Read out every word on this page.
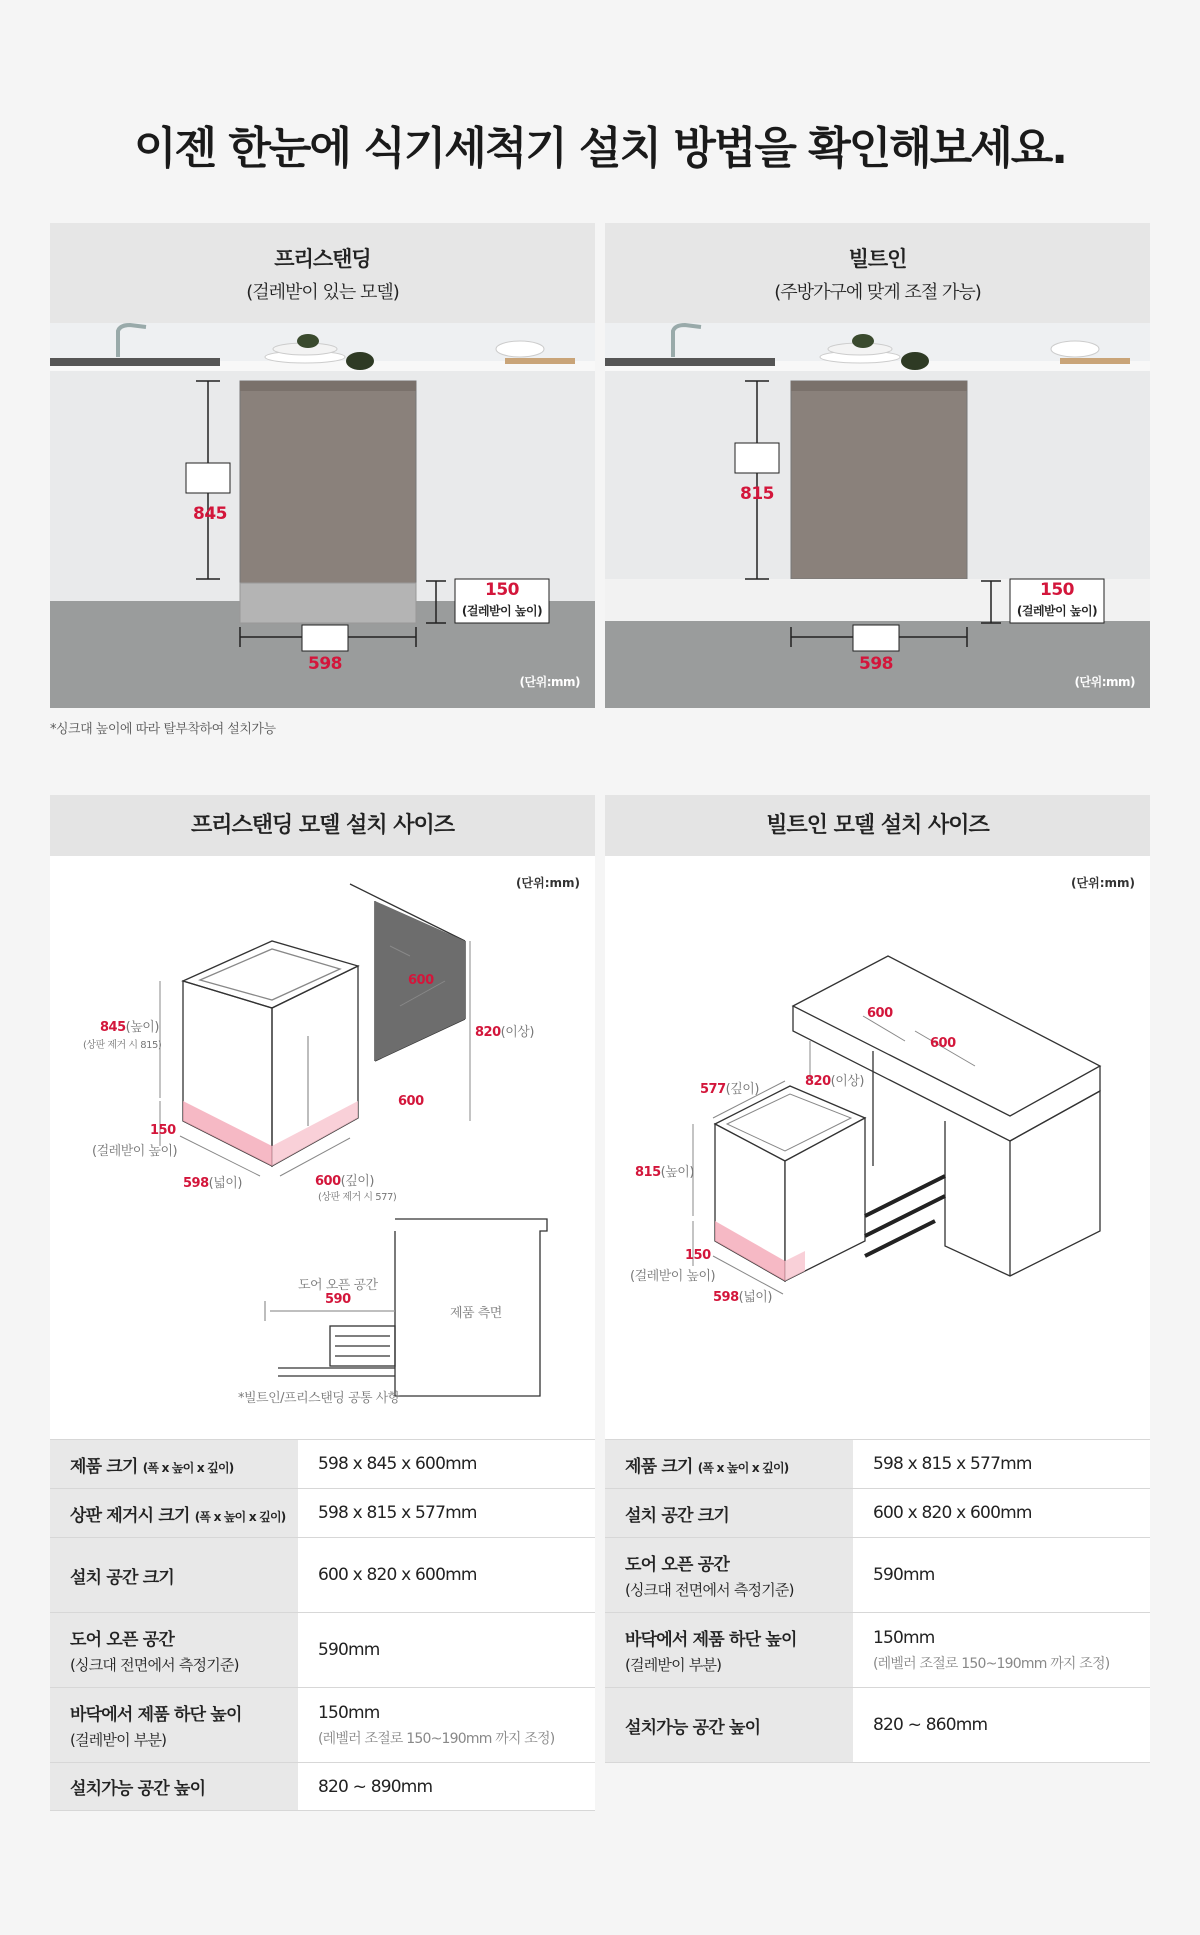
이젠 한눈에 식기세척기 설치 방법을 확인해보세요.
프리스탠딩
(걸레받이 있는 모델)
845
598
150
(걸레받이 높이)
(단위:mm)
빌트인
(주방가구에 맞게 조절 가능)
815
598
150
(걸레받이 높이)
(단위:mm)
*싱크대 높이에 따라 탈부착하여 설치가능
프리스탠딩 모델 설치 사이즈
(단위:mm)
845(높이)
(상판 제거 시 815)
150
(걸레받이 높이)
598(넓이)	600(깊이)
(상판 제거 시 577)
600
600
820(이상)
도어 오픈 공간
590
제품 측면
*빌트인/프리스탠딩 공통 사항
제품 크기 (폭 x 높이 x 깊이)	598 x 845 x 600mm
상판 제거시 크기 (폭 x 높이 x 깊이)	598 x 815 x 577mm
설치 공간 크기	600 x 820 x 600mm
도어 오픈 공간
(싱크대 전면에서 측정기준)	590mm
바닥에서 제품 하단 높이
(걸레받이 부분)	150mm
(레벨러 조절로 150~190mm 까지 조정)

설치가능 공간 높이	820 ~ 890mm
빌트인 모델 설치 사이즈
(단위:mm)
600
600
577(깊이)
820(이상)
815(높이)
150
(걸레받이 높이)
598(넓이)
제품 크기 (폭 x 높이 x 깊이)	598 x 815 x 577mm
설치 공간 크기	600 x 820 x 600mm
도어 오픈 공간
(싱크대 전면에서 측정기준)	590mm
바닥에서 제품 하단 높이
(걸레받이 부분)	150mm
(레벨러 조절로 150~190mm 까지 조정)

설치가능 공간 높이	820 ~ 860mm
